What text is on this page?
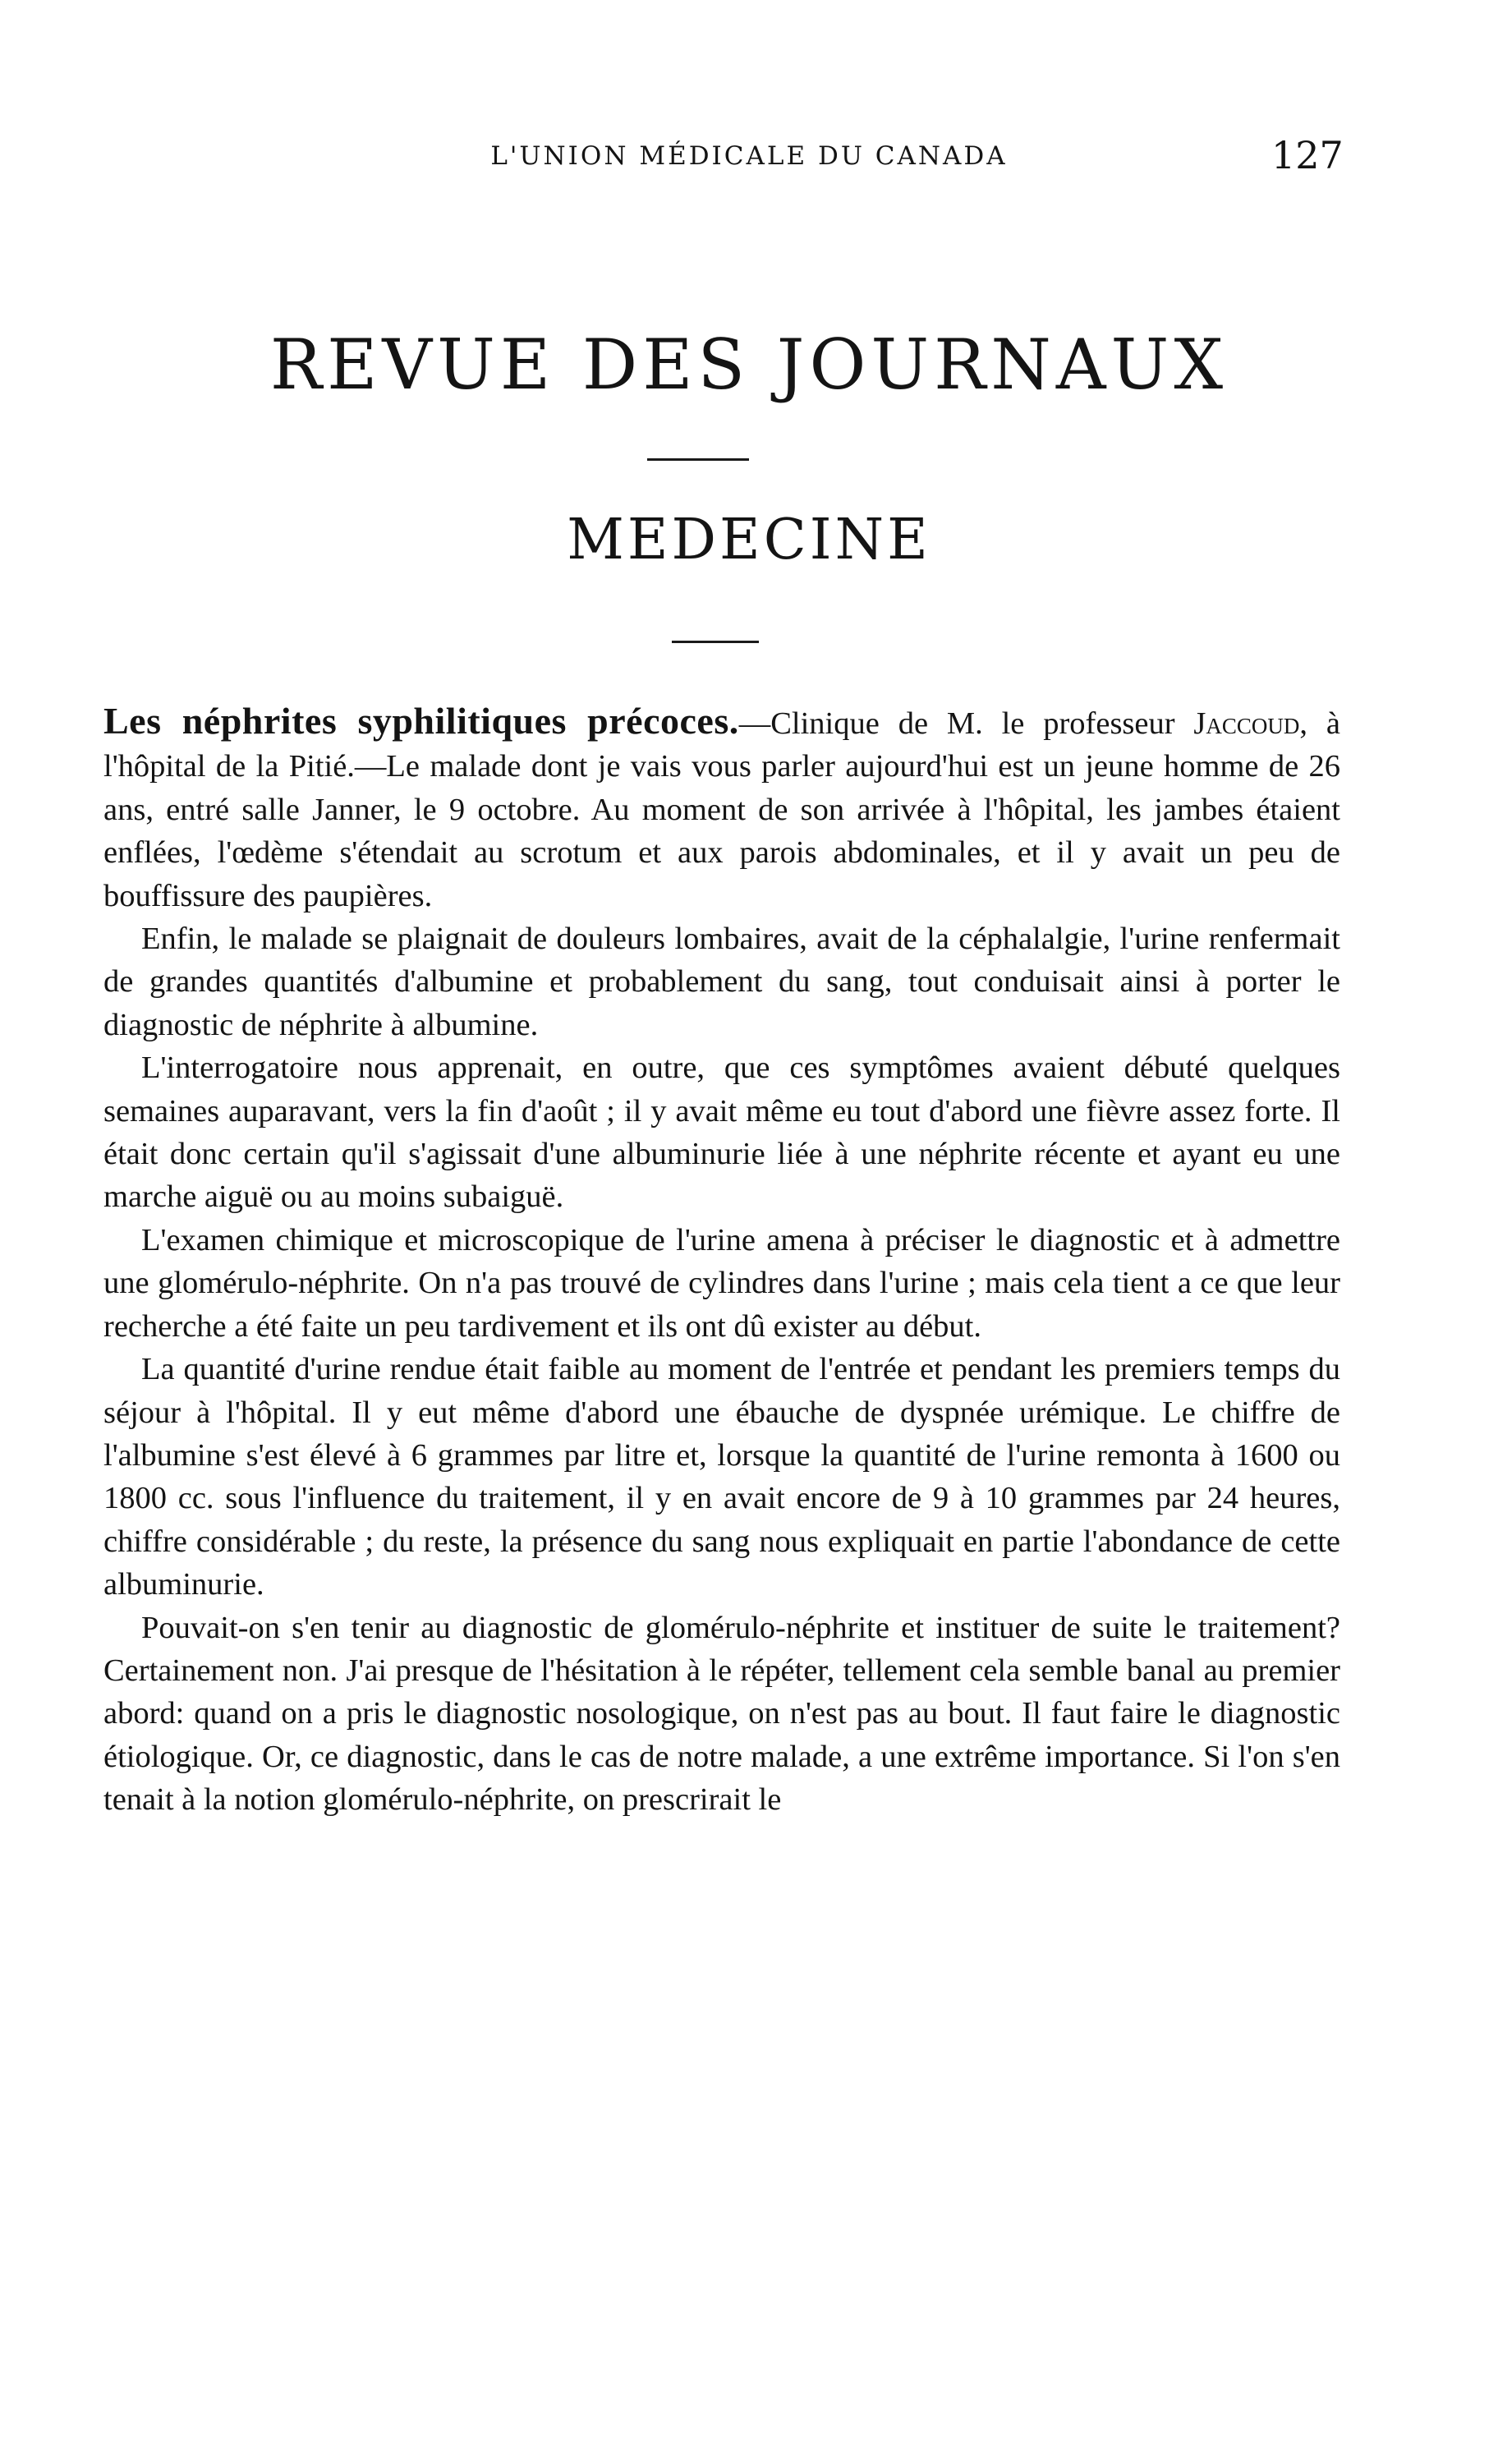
L'UNION MÉDICALE DU CANADA	127
REVUE DES JOURNAUX
MEDECINE

Les néphrites syphilitiques précoces.—Clinique de M. le professeur Jaccoud, à l'hôpital de la Pitié.—Le malade dont je vais vous parler aujourd'hui est un jeune homme de 26 ans, entré salle Janner, le 9 octobre. Au moment de son arrivée à l'hôpital, les jambes étaient enflées, l'œdème s'étendait au scrotum et aux parois abdominales, et il y avait un peu de bouffissure des paupières.

Enfin, le malade se plaignait de douleurs lombaires, avait de la céphalalgie, l'urine renfermait de grandes quantités d'albumine et probablement du sang, tout conduisait ainsi à porter le diagnostic de néphrite à albumine.

L'interrogatoire nous apprenait, en outre, que ces symptômes avaient débuté quelques semaines auparavant, vers la fin d'août ; il y avait même eu tout d'abord une fièvre assez forte. Il était donc certain qu'il s'agissait d'une albuminurie liée à une néphrite récente et ayant eu une marche aiguë ou au moins subaiguë.

L'examen chimique et microscopique de l'urine amena à préciser le diagnostic et à admettre une glomérulo-néphrite. On n'a pas trouvé de cylindres dans l'urine ; mais cela tient a ce que leur recherche a été faite un peu tardivement et ils ont dû exister au début.

La quantité d'urine rendue était faible au moment de l'entrée et pendant les premiers temps du séjour à l'hôpital. Il y eut même d'abord une ébauche de dyspnée urémique. Le chiffre de l'albumine s'est élevé à 6 grammes par litre et, lorsque la quantité de l'urine remonta à 1600 ou 1800 cc. sous l'influence du traitement, il y en avait encore de 9 à 10 grammes par 24 heures, chiffre considérable ; du reste, la présence du sang nous expliquait en partie l'abondance de cette albuminurie.

Pouvait-on s'en tenir au diagnostic de glomérulo-néphrite et instituer de suite le traitement? Certainement non. J'ai presque de l'hésitation à le répéter, tellement cela semble banal au premier abord: quand on a pris le diagnostic nosologique, on n'est pas au bout. Il faut faire le diagnostic étiologique. Or, ce diagnostic, dans le cas de notre malade, a une extrême importance. Si l'on s'en tenait à la notion glomérulo-néphrite, on prescrirait le
